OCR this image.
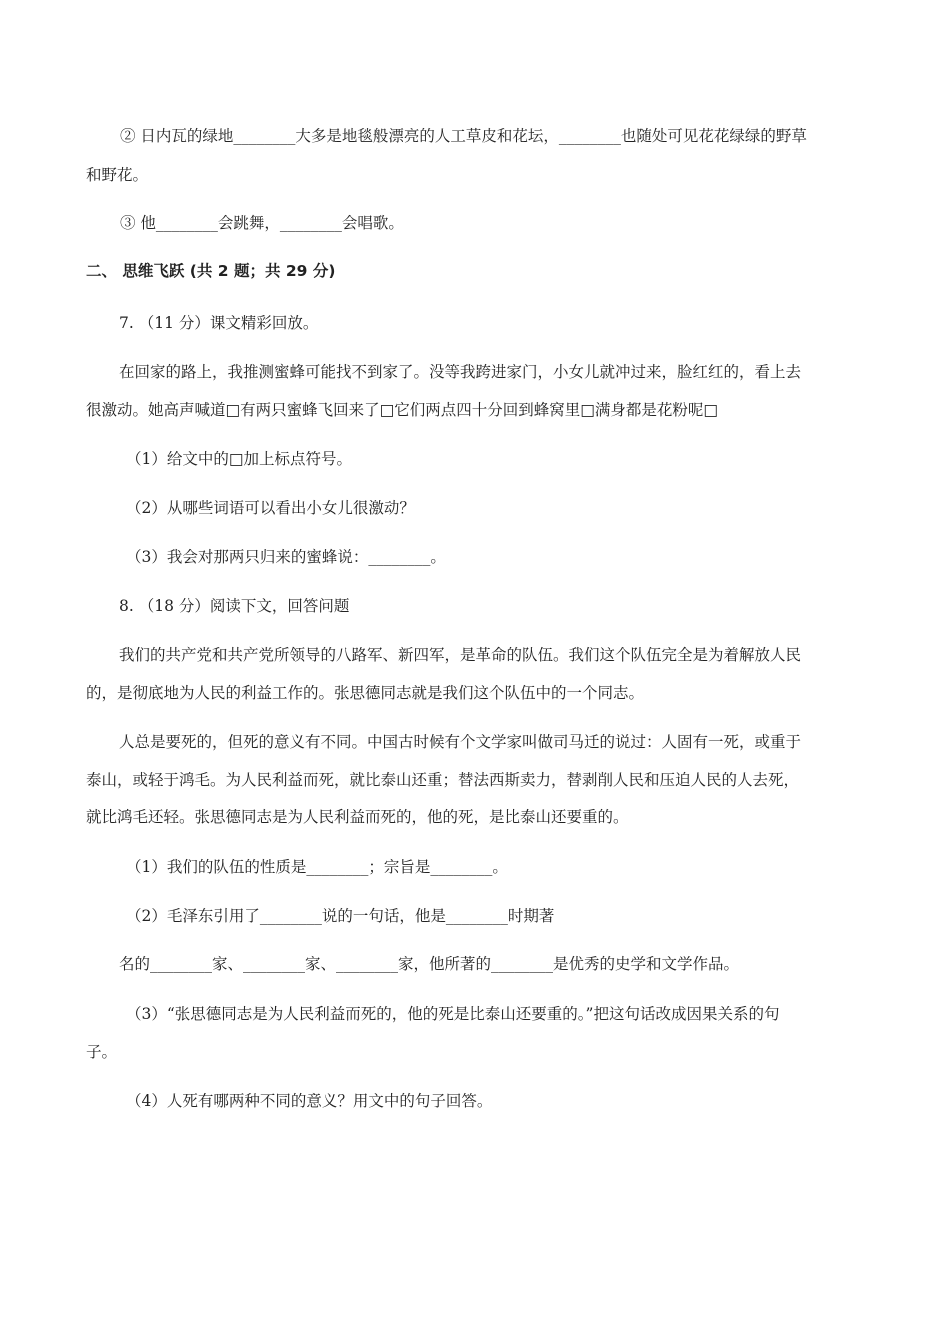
② 日内瓦的绿地________大多是地毯般漂亮的人工草皮和花坛，________也随处可见花花绿绿的野草
和野花。
③ 他________会跳舞，________会唱歌。
二、 思维飞跃 (共 2 题；共 29 分)
7. （11 分）课文精彩回放。
在回家的路上，我推测蜜蜂可能找不到家了。没等我跨进家门，小女儿就冲过来，脸红红的，看上去
很激动。她高声喊道□有两只蜜蜂飞回来了□它们两点四十分回到蜂窝里□满身都是花粉呢□
（1）给文中的□加上标点符号。
（2）从哪些词语可以看出小女儿很激动？
（3）我会对那两只归来的蜜蜂说：________。
8. （18 分）阅读下文，回答问题
我们的共产党和共产党所领导的八路军、新四军，是革命的队伍。我们这个队伍完全是为着解放人民
的，是彻底地为人民的利益工作的。张思德同志就是我们这个队伍中的一个同志。
人总是要死的，但死的意义有不同。中国古时候有个文学家叫做司马迁的说过：人固有一死，或重于
泰山，或轻于鸿毛。为人民利益而死，就比泰山还重；替法西斯卖力，替剥削人民和压迫人民的人去死，
就比鸿毛还轻。张思德同志是为人民利益而死的，他的死，是比泰山还要重的。
（1）我们的队伍的性质是________；宗旨是________。
（2）毛泽东引用了________说的一句话，他是________时期著
名的________家、________家、________家，他所著的________是优秀的史学和文学作品。
（3）“张思德同志是为人民利益而死的，他的死是比泰山还要重的。”把这句话改成因果关系的句
子。
（4）人死有哪两种不同的意义？用文中的句子回答。
